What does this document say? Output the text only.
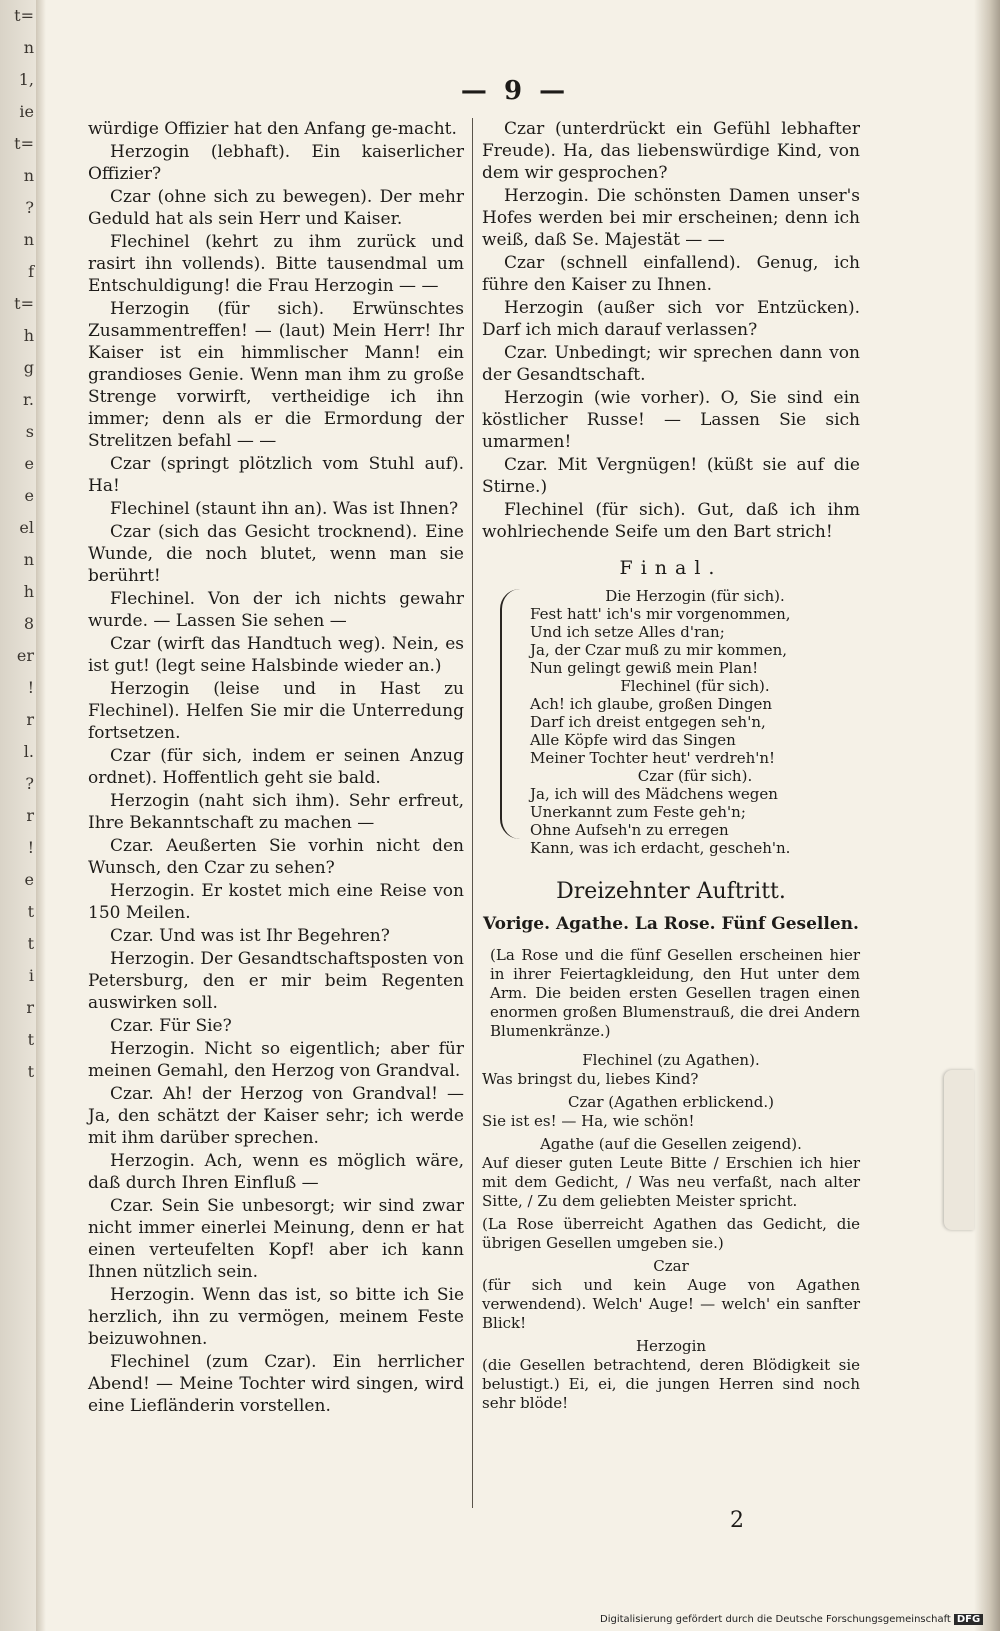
t=
n
1,
ie
t=
n
?
n
f
t=
h
g
r.
s
e
e
el
n
h
8
er
!
r
l.
?
r
!
e
t
t
i
r
t
t
— 9 —
würdige Offizier hat den Anfang ge-macht.
Herzogin (lebhaft). Ein kaiserlicher Offizier?
Czar (ohne sich zu bewegen). Der mehr Geduld hat als sein Herr und Kaiser.
Flechinel (kehrt zu ihm zurück und rasirt ihn vollends). Bitte tausendmal um Entschuldigung! die Frau Herzogin — —
Herzogin (für sich). Erwünschtes Zusammentreffen! — (laut) Mein Herr! Ihr Kaiser ist ein himmlischer Mann! ein grandioses Genie. Wenn man ihm zu große Strenge vorwirft, vertheidige ich ihn immer; denn als er die Ermordung der Strelitzen befahl — —
Czar (springt plötzlich vom Stuhl auf). Ha!
Flechinel (staunt ihn an). Was ist Ihnen?
Czar (sich das Gesicht trocknend). Eine Wunde, die noch blutet, wenn man sie berührt!
Flechinel. Von der ich nichts gewahr wurde. — Lassen Sie sehen —
Czar (wirft das Handtuch weg). Nein, es ist gut! (legt seine Halsbinde wieder an.)
Herzogin (leise und in Hast zu Flechinel). Helfen Sie mir die Unterredung fortsetzen.
Czar (für sich, indem er seinen Anzug ordnet). Hoffentlich geht sie bald.
Herzogin (naht sich ihm). Sehr erfreut, Ihre Bekanntschaft zu machen —
Czar. Aeußerten Sie vorhin nicht den Wunsch, den Czar zu sehen?
Herzogin. Er kostet mich eine Reise von 150 Meilen.
Czar. Und was ist Ihr Begehren?
Herzogin. Der Gesandtschaftsposten von Petersburg, den er mir beim Regenten auswirken soll.
Czar. Für Sie?
Herzogin. Nicht so eigentlich; aber für meinen Gemahl, den Herzog von Grandval.
Czar. Ah! der Herzog von Grandval! — Ja, den schätzt der Kaiser sehr; ich werde mit ihm darüber sprechen.
Herzogin. Ach, wenn es möglich wäre, daß durch Ihren Einfluß —
Czar. Sein Sie unbesorgt; wir sind zwar nicht immer einerlei Meinung, denn er hat einen verteufelten Kopf! aber ich kann Ihnen nützlich sein.
Herzogin. Wenn das ist, so bitte ich Sie herzlich, ihn zu vermögen, meinem Feste beizuwohnen.
Flechinel (zum Czar). Ein herrlicher Abend! — Meine Tochter wird singen, wird eine Liefländerin vorstellen.
Czar (unterdrückt ein Gefühl lebhafter Freude). Ha, das liebenswürdige Kind, von dem wir gesprochen?
Herzogin. Die schönsten Damen unser's Hofes werden bei mir erscheinen; denn ich weiß, daß Se. Majestät — —
Czar (schnell einfallend). Genug, ich führe den Kaiser zu Ihnen.
Herzogin (außer sich vor Entzücken). Darf ich mich darauf verlassen?
Czar. Unbedingt; wir sprechen dann von der Gesandtschaft.
Herzogin (wie vorher). O, Sie sind ein köstlicher Russe! — Lassen Sie sich umarmen!
Czar. Mit Vergnügen! (küßt sie auf die Stirne.)
Flechinel (für sich). Gut, daß ich ihm wohlriechende Seife um den Bart strich!
Final.
Die Herzogin (für sich).
Fest hatt' ich's mir vorgenommen,
Und ich setze Alles d'ran;
Ja, der Czar muß zu mir kommen,
Nun gelingt gewiß mein Plan!
Flechinel (für sich).
Ach! ich glaube, großen Dingen
Darf ich dreist entgegen seh'n,
Alle Köpfe wird das Singen
Meiner Tochter heut' verdreh'n!
Czar (für sich).
Ja, ich will des Mädchens wegen
Unerkannt zum Feste geh'n;
Ohne Aufseh'n zu erregen
Kann, was ich erdacht, gescheh'n.
Dreizehnter Auftritt.
Vorige. Agathe. La Rose. Fünf Gesellen.
(La Rose und die fünf Gesellen erscheinen hier in ihrer Feiertagkleidung, den Hut unter dem Arm. Die beiden ersten Gesellen tragen einen enormen großen Blumenstrauß, die drei Andern Blumenkränze.)
Flechinel (zu Agathen).
Was bringst du, liebes Kind?
Czar (Agathen erblickend.)
Sie ist es! — Ha, wie schön!
Agathe (auf die Gesellen zeigend).
Auf dieser guten Leute Bitte / Erschien ich hier mit dem Gedicht, / Was neu verfaßt, nach alter Sitte, / Zu dem geliebten Meister spricht.
(La Rose überreicht Agathen das Gedicht, die übrigen Gesellen umgeben sie.)
Czar
(für sich und kein Auge von Agathen verwendend). Welch' Auge! — welch' ein sanfter Blick!
Herzogin
(die Gesellen betrachtend, deren Blödigkeit sie belustigt.) Ei, ei, die jungen Herren sind noch sehr blöde!
2
Digitalisierung gefördert durch die Deutsche Forschungsgemeinschaft DFG
